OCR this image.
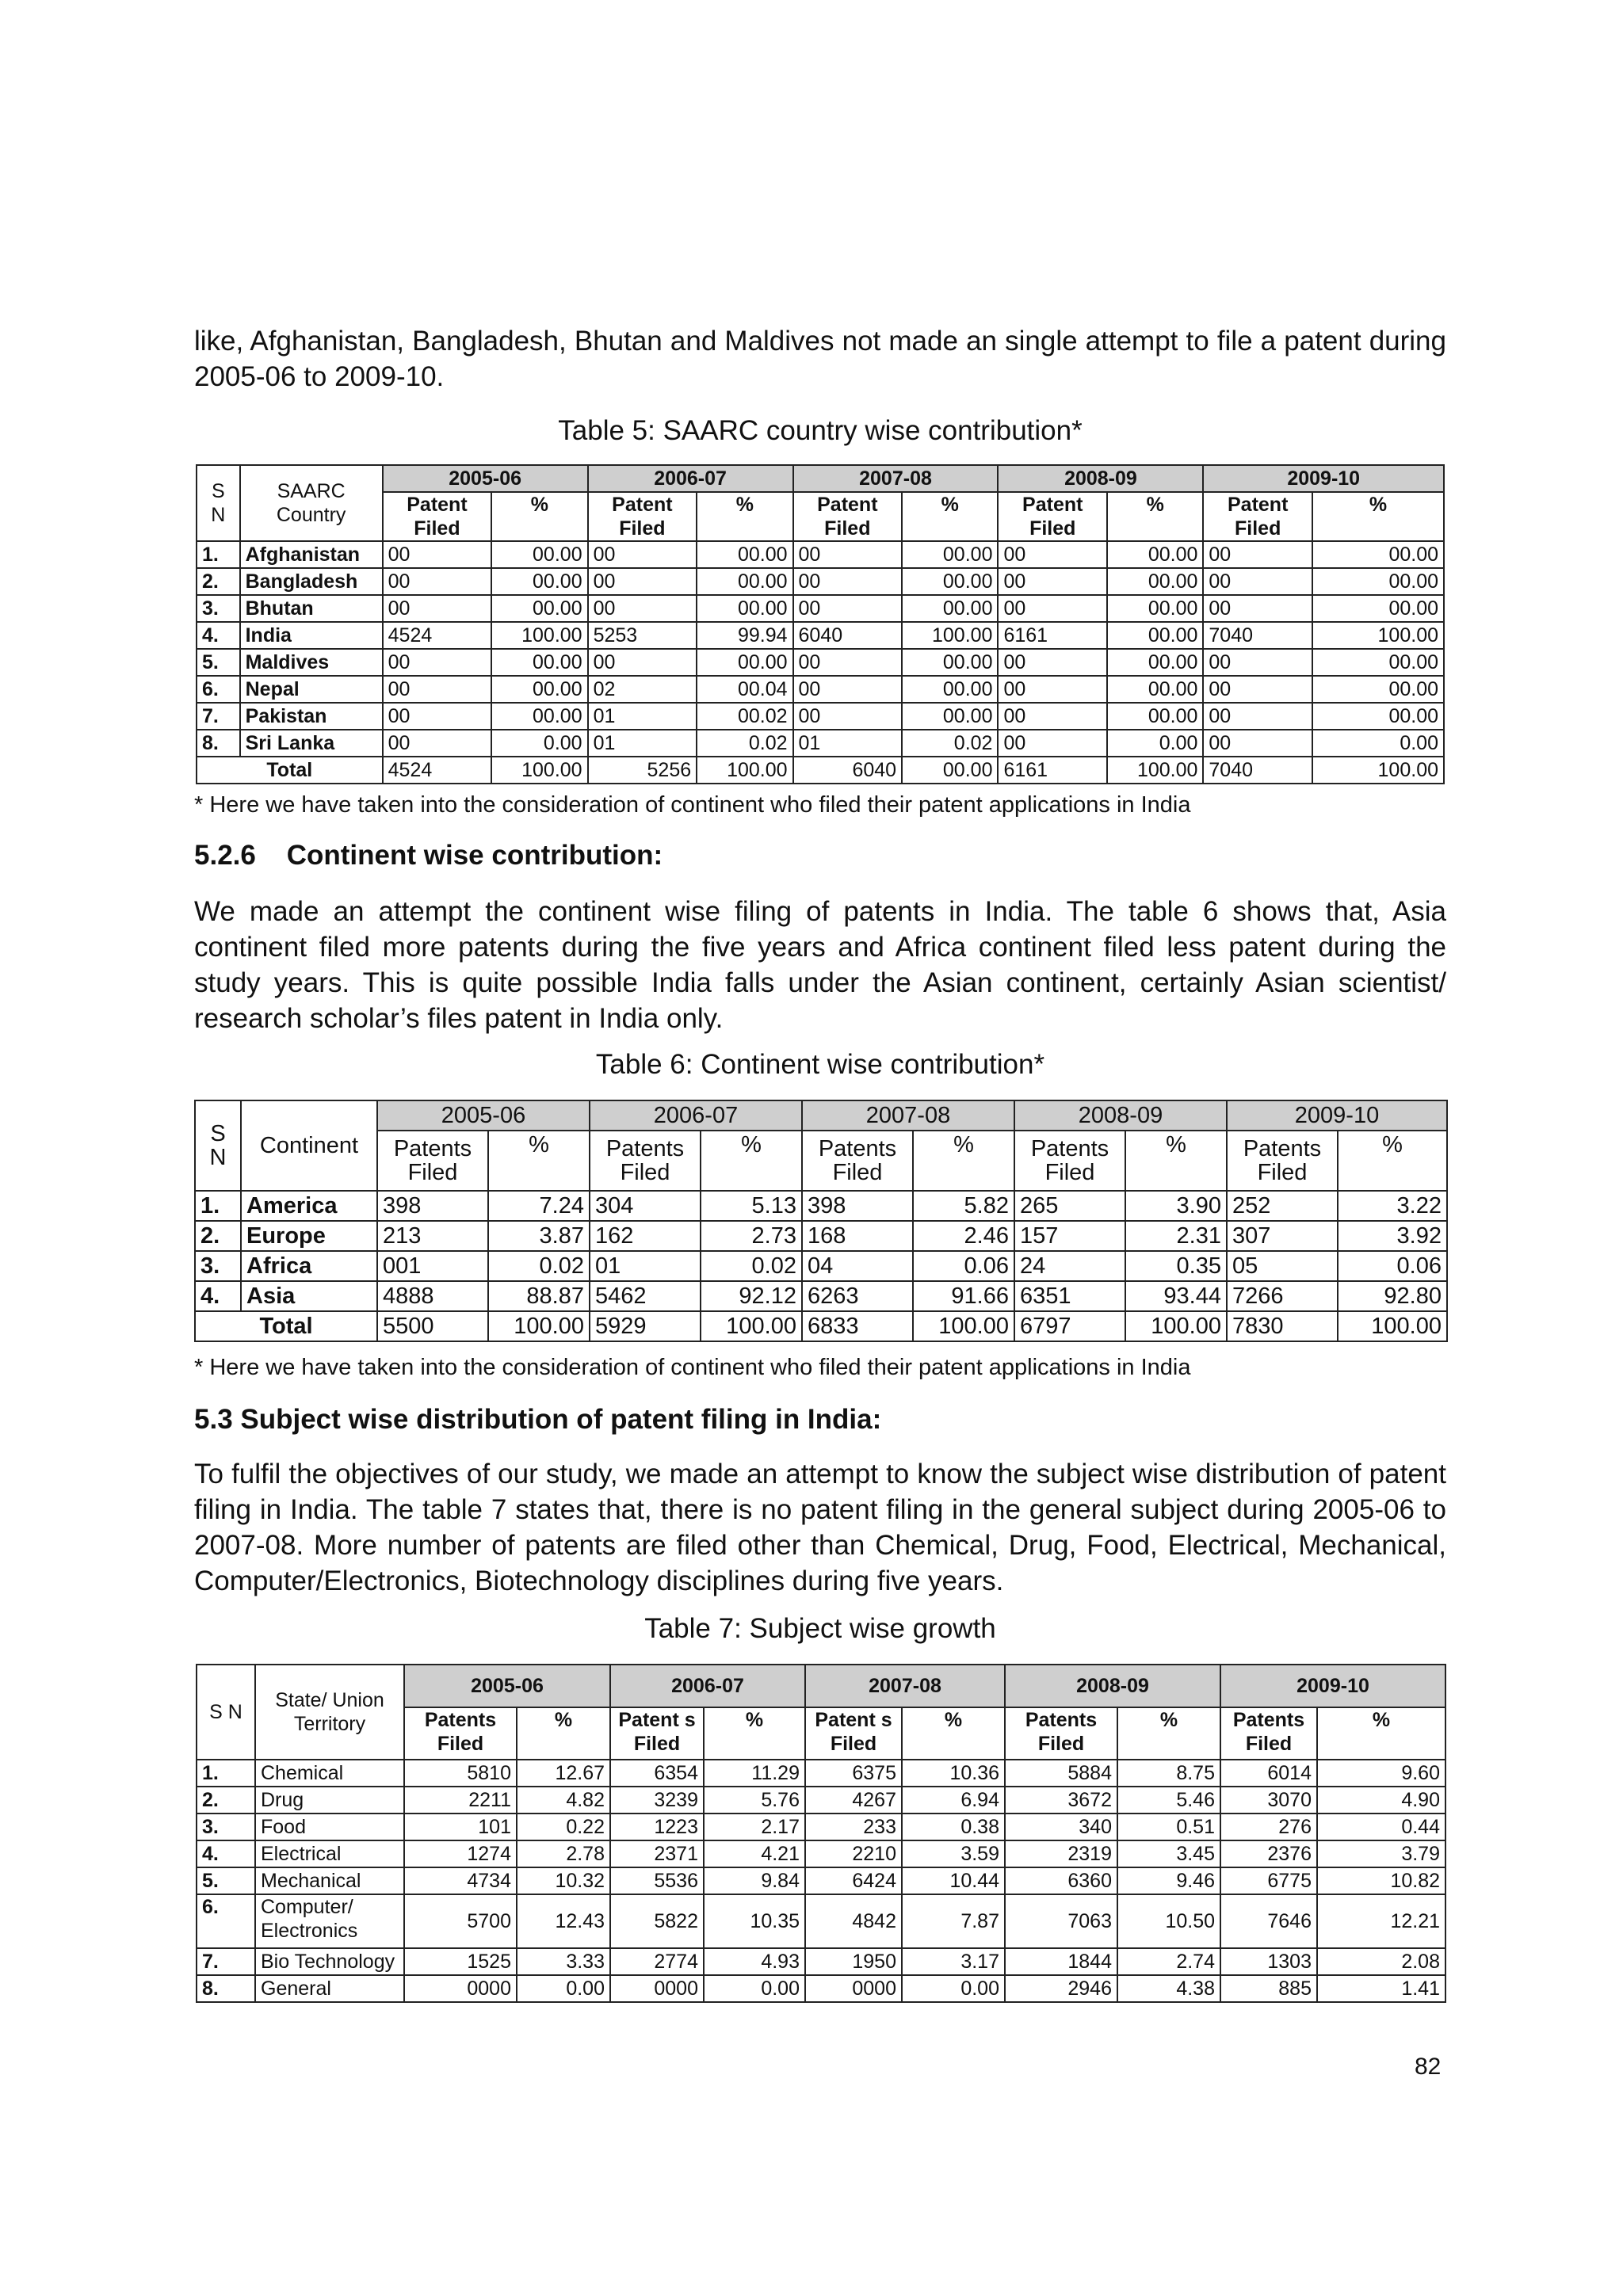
like, Afghanistan, Bangladesh, Bhutan and Maldives not made an single attempt to file a patent during 2005-06 to 2009-10.

Table 5: SAARC country wise contribution*

S N	SAARC Country	2005-06		2006-07		2007-08		2008-09		2009-10	
		Patent Filed	%	Patent Filed	%	Patent Filed	%	Patent Filed	%	Patent Filed	%
1.	Afghanistan	00	00.00	00	00.00	00	00.00	00	00.00	00	00.00
2.	Bangladesh	00	00.00	00	00.00	00	00.00	00	00.00	00	00.00
3.	Bhutan	00	00.00	00	00.00	00	00.00	00	00.00	00	00.00
4.	India	4524	100.00	5253	99.94	6040	100.00	6161	00.00	7040	100.00
5.	Maldives	00	00.00	00	00.00	00	00.00	00	00.00	00	00.00
6.	Nepal	00	00.00	02	00.04	00	00.00	00	00.00	00	00.00
7.	Pakistan	00	00.00	01	00.02	00	00.00	00	00.00	00	00.00
8.	Sri Lanka	00	0.00	01	0.02	01	0.02	00	0.00	00	0.00
Total		4524	100.00	5256	100.00	6040	00.00	6161	100.00	7040	100.00

* Here we have taken into the consideration of continent who filed their patent applications in India

5.2.6    Continent wise contribution:

We made an attempt the continent wise filing of patents in India. The table 6 shows that, Asia continent filed more patents during the five years and Africa continent filed less patent during the study years. This is quite possible India falls under the Asian continent, certainly Asian scientist/ research scholar’s files patent in India only.

Table 6: Continent wise contribution*

S N	Continent	2005-06		2006-07		2007-08		2008-09		2009-10	
		Patents Filed	%	Patents Filed	%	Patents Filed	%	Patents Filed	%	Patents Filed	%
1.	America	398	7.24	304	5.13	398	5.82	265	3.90	252	3.22
2.	Europe	213	3.87	162	2.73	168	2.46	157	2.31	307	3.92
3.	Africa	001	0.02	01	0.02	04	0.06	24	0.35	05	0.06
4.	Asia	4888	88.87	5462	92.12	6263	91.66	6351	93.44	7266	92.80
Total		5500	100.00	5929	100.00	6833	100.00	6797	100.00	7830	100.00

* Here we have taken into the consideration of continent who filed their patent applications in India

5.3 Subject wise distribution of patent filing in India:

To fulfil the objectives of our study, we made an attempt to know the subject wise distribution of patent filing in India. The table 7 states that, there is no patent filing in the general subject during 2005-06 to 2007-08. More number of patents are filed other than Chemical, Drug, Food, Electrical, Mechanical, Computer/Electronics, Biotechnology disciplines during five years.

Table 7: Subject wise growth

S N	State/ Union Territory	2005-06		2006-07		2007-08		2008-09		2009-10	
		Patents Filed	%	Patent s Filed	%	Patent s Filed	%	Patents Filed	%	Patents Filed	%
1.	Chemical	5810	12.67	6354	11.29	6375	10.36	5884	8.75	6014	9.60
2.	Drug	2211	4.82	3239	5.76	4267	6.94	3672	5.46	3070	4.90
3.	Food	101	0.22	1223	2.17	233	0.38	340	0.51	276	0.44
4.	Electrical	1274	2.78	2371	4.21	2210	3.59	2319	3.45	2376	3.79
5.	Mechanical	4734	10.32	5536	9.84	6424	10.44	6360	9.46	6775	10.82
6.	Computer/ Electronics	5700	12.43	5822	10.35	4842	7.87	7063	10.50	7646	12.21
7.	Bio Technology	1525	3.33	2774	4.93	1950	3.17	1844	2.74	1303	2.08
8.	General	0000	0.00	0000	0.00	0000	0.00	2946	4.38	885	1.41
82
